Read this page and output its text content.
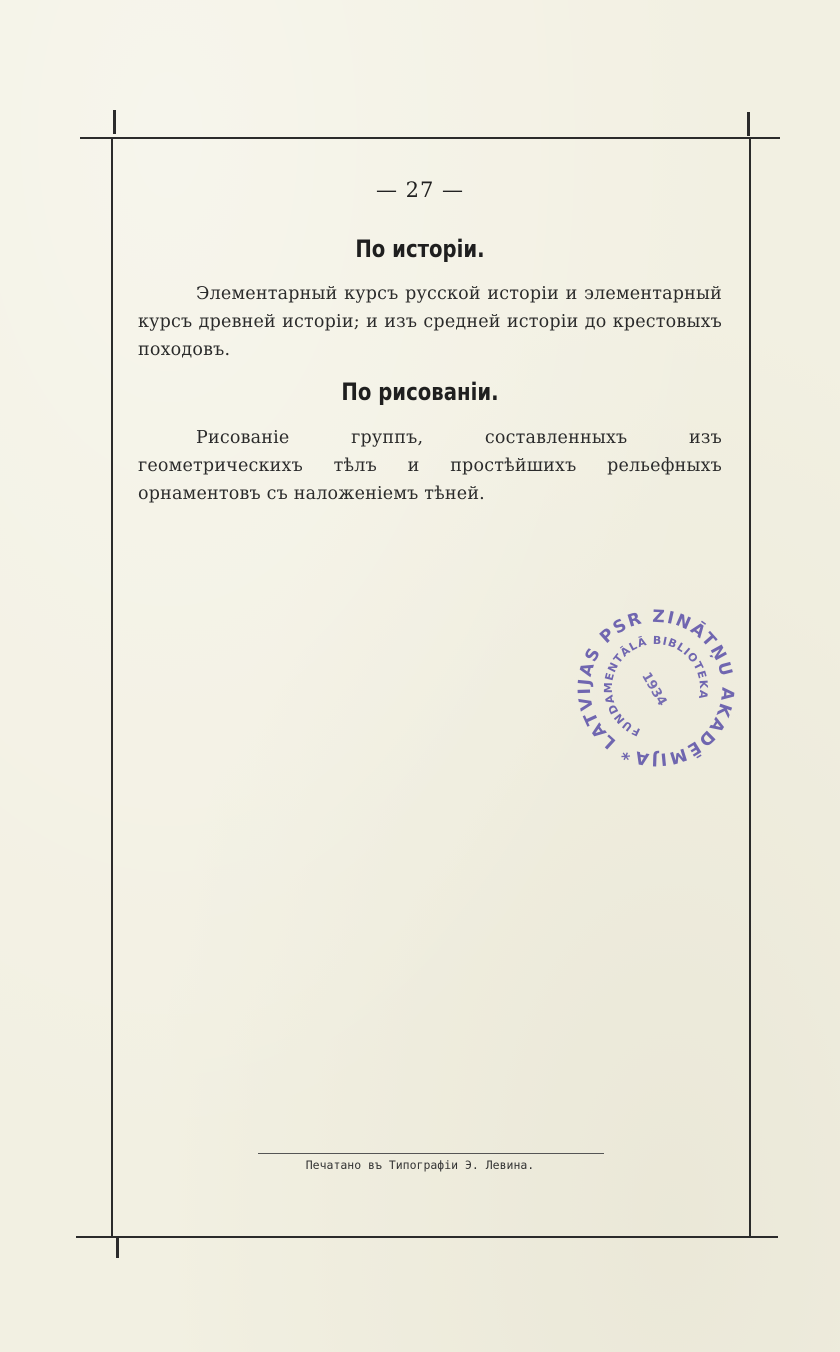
— 27 —
По исторіи.
Элементарный курсъ русской исторіи и элементарный курсъ древней исторіи; и изъ средней исторіи до крестовыхъ походовъ.
По рисованіи.
Рисованіе группъ, составленныхъ изъ геометрическихъ тѣлъ и простѣйшихъ рельефныхъ орнаментовъ съ наложеніемъ тѣней.
* LATVIJAS PSR ZINĀTŅU AKADĒMIJA
FUNDAMENTĀLĀ BIBLIOTEKA
1934
Печатано въ Типографіи Э. Левина.
